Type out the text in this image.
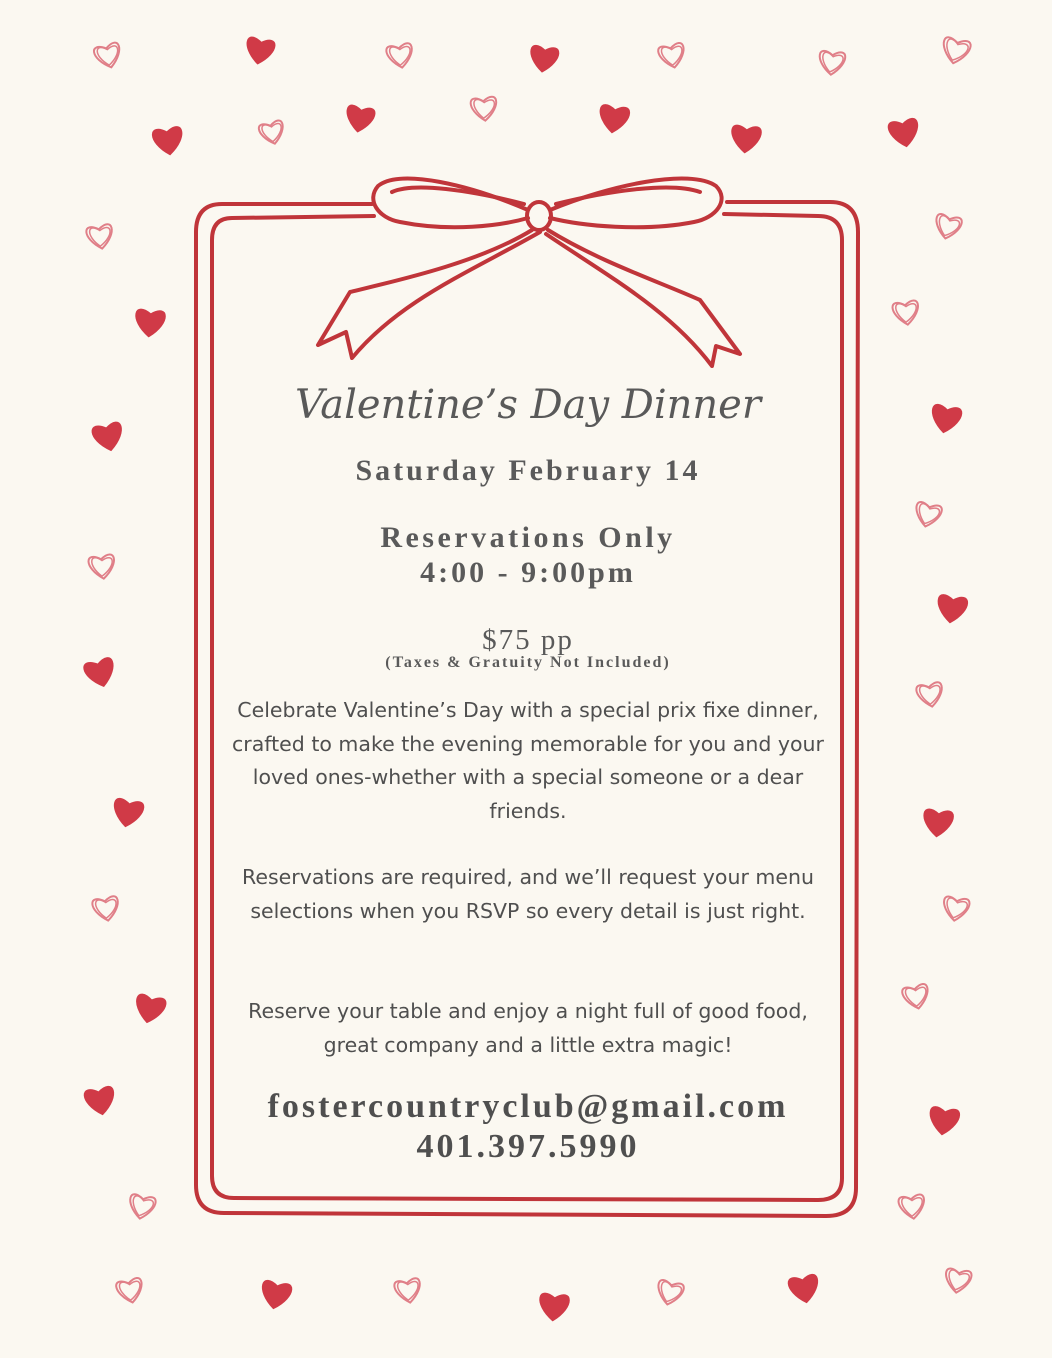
Valentine’s Day Dinner
Saturday February 14
Reservations Only
4:00 - 9:00pm
$75 pp
(Taxes & Gratuity Not Included)
Celebrate Valentine’s Day with a special prix fixe dinner, crafted to make the evening memorable for you and your loved ones-whether with a special someone or a dear friends.
Reservations are required, and we’ll request your menu selections when you RSVP so every detail is just right.
Reserve your table and enjoy a night full of good food, great company and a little extra magic!
fostercountryclub@gmail.com
401.397.5990
